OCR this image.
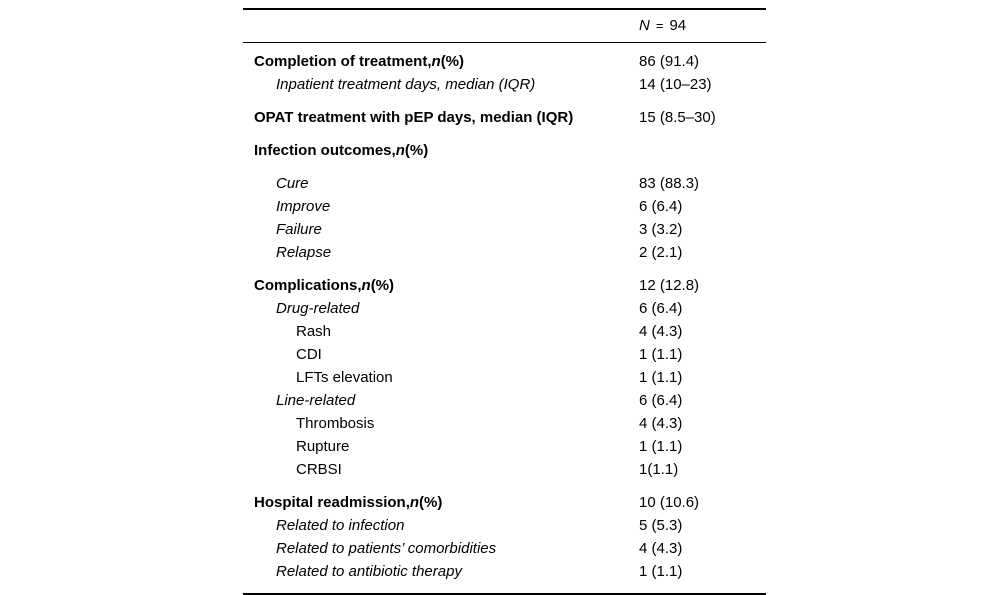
	N = 94

Completion of treatment,n(%)	86 (91.4)
Inpatient treatment days, median (IQR)	14 (10–23)

OPAT treatment with pEP days, median (IQR)	15 (8.5–30)

Infection outcomes,n(%)	

Cure	83 (88.3)
Improve	6 (6.4)
Failure	3 (3.2)
Relapse	2 (2.1)

Complications,n(%)	12 (12.8)
Drug-related	6 (6.4)
Rash	4 (4.3)
CDI	1 (1.1)
LFTs elevation	1 (1.1)
Line-related	6 (6.4)
Thrombosis	4 (4.3)
Rupture	1 (1.1)
CRBSI	1(1.1)

Hospital readmission,n(%)	10 (10.6)
Related to infection	5 (5.3)
Related to patients’ comorbidities	4 (4.3)
Related to antibiotic therapy	1 (1.1)
